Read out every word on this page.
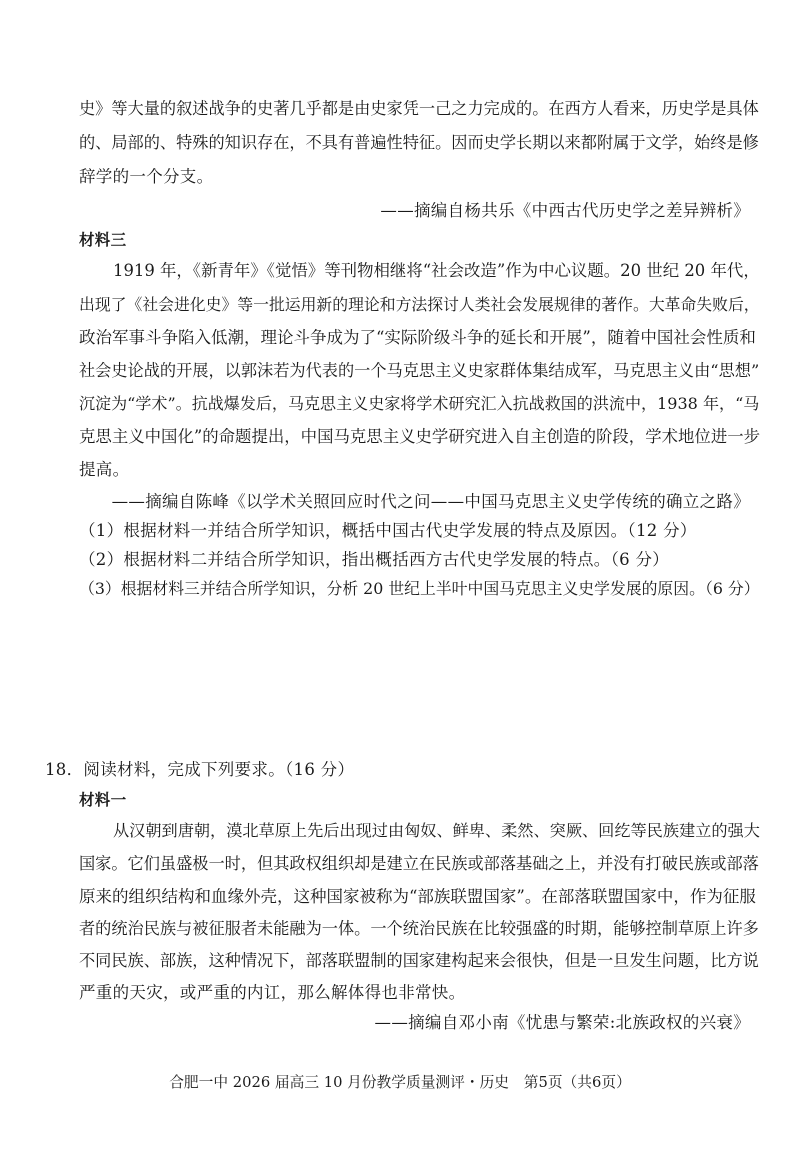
史》等大量的叙述战争的史著几乎都是由史家凭一己之力完成的。在西方人看来，历史学是具体
的、局部的、特殊的知识存在，不具有普遍性特征。因而史学长期以来都附属于文学，始终是修
辞学的一个分支。
——摘编自杨共乐《中西古代历史学之差异辨析》
材料三
1919 年，《新青年》《觉悟》等刊物相继将“社会改造”作为中心议题。20 世纪 20 年代，
出现了《社会进化史》等一批运用新的理论和方法探讨人类社会发展规律的著作。大革命失败后，
政治军事斗争陷入低潮，理论斗争成为了“实际阶级斗争的延长和开展”，随着中国社会性质和
社会史论战的开展，以郭沫若为代表的一个马克思主义史家群体集结成军，马克思主义由“思想”
沉淀为“学术”。抗战爆发后，马克思主义史家将学术研究汇入抗战救国的洪流中，1938 年，“马
克思主义中国化”的命题提出，中国马克思主义史学研究进入自主创造的阶段，学术地位进一步
提高。
——摘编自陈峰《以学术关照回应时代之问——中国马克思主义史学传统的确立之路》
（1）根据材料一并结合所学知识，概括中国古代史学发展的特点及原因。（12 分）
（2）根据材料二并结合所学知识，指出概括西方古代史学发展的特点。（6 分）
（3）根据材料三并结合所学知识，分析 20 世纪上半叶中国马克思主义史学发展的原因。（6 分）
18．阅读材料，完成下列要求。（16 分）
材料一
从汉朝到唐朝，漠北草原上先后出现过由匈奴、鲜卑、柔然、突厥、回纥等民族建立的强大
国家。它们虽盛极一时，但其政权组织却是建立在民族或部落基础之上，并没有打破民族或部落
原来的组织结构和血缘外壳，这种国家被称为“部族联盟国家”。在部落联盟国家中，作为征服
者的统治民族与被征服者未能融为一体。一个统治民族在比较强盛的时期，能够控制草原上许多
不同民族、部族，这种情况下，部落联盟制的国家建构起来会很快，但是一旦发生问题，比方说
严重的天灾，或严重的内讧，那么解体得也非常快。
——摘编自邓小南《忧患与繁荣:北族政权的兴衰》
合肥一中 2026 届高三 10 月份教学质量测评・历史　第5页（共6页）
